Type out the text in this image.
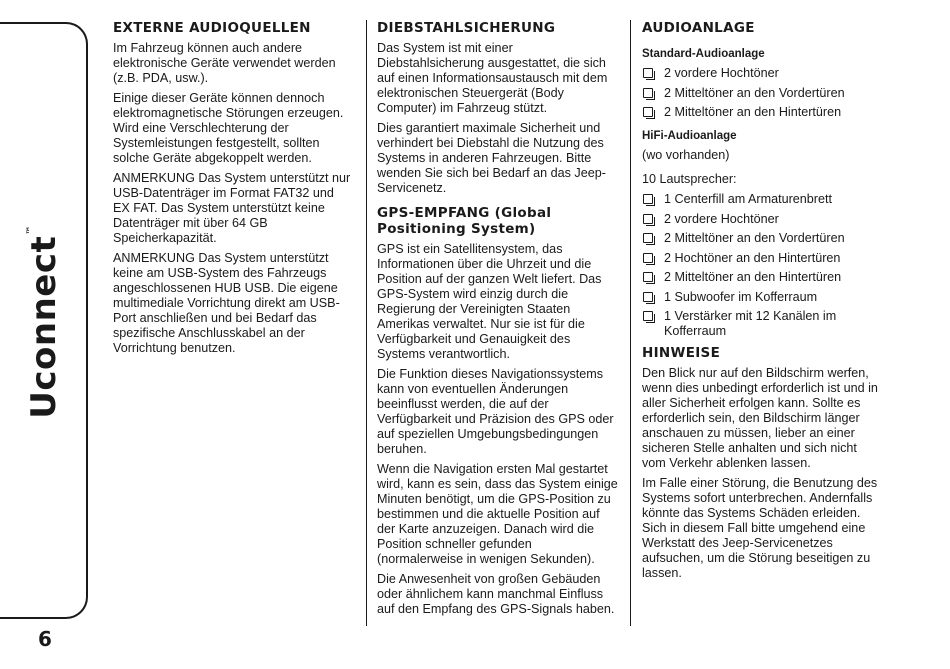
Uconnect™
6
EXTERNE AUDIOQUELLEN

Im Fahrzeug können auch andere elektronische Geräte verwendet werden (z.B. PDA, usw.).

Einige dieser Geräte können dennoch elektromagnetische Störungen erzeugen. Wird eine Verschlechterung der Systemleistungen festgestellt, sollten solche Geräte abgekoppelt werden.

ANMERKUNG Das System unterstützt nur USB-Datenträger im Format FAT32 und EX FAT. Das System unterstützt keine Datenträger mit über 64 GB Speicherkapazität.

ANMERKUNG Das System unterstützt keine am USB-System des Fahrzeugs angeschlossenen HUB USB. Die eigene multimediale Vorrichtung direkt am USB-Port anschließen und bei Bedarf das spezifische Anschlusskabel an der Vorrichtung benutzen.

DIEBSTAHLSICHERUNG

Das System ist mit einer Diebstahlsicherung ausgestattet, die sich auf einen Informationsaustausch mit dem elektronischen Steuergerät (Body Computer) im Fahrzeug stützt.

Dies garantiert maximale Sicherheit und verhindert bei Diebstahl die Nutzung des Systems in anderen Fahrzeugen. Bitte wenden Sie sich bei Bedarf an das Jeep-Servicenetz.

GPS-EMPFANG (Global Positioning System)

GPS ist ein Satellitensystem, das Informationen über die Uhrzeit und die Position auf der ganzen Welt liefert. Das GPS-System wird einzig durch die Regierung der Vereinigten Staaten Amerikas verwaltet. Nur sie ist für die Verfügbarkeit und Genauigkeit des Systems verantwortlich.

Die Funktion dieses Navigationssystems kann von eventuellen Änderungen beeinflusst werden, die auf der Verfügbarkeit und Präzision des GPS oder auf speziellen Umgebungsbedingungen beruhen.

Wenn die Navigation ersten Mal gestartet wird, kann es sein, dass das System einige Minuten benötigt, um die GPS-Position zu bestimmen und die aktuelle Position auf der Karte anzuzeigen. Danach wird die Position schneller gefunden (normalerweise in wenigen Sekunden).

Die Anwesenheit von großen Gebäuden oder ähnlichem kann manchmal Einfluss auf den Empfang des GPS-Signals haben.

AUDIOANLAGE
Standard-Audioanlage
2 vordere Hochtöner
2 Mitteltöner an den Vordertüren
2 Mitteltöner an den Hintertüren
HiFi-Audioanlage

(wo vorhanden)

10 Lautsprecher:

1 Centerfill am Armaturenbrett
2 vordere Hochtöner
2 Mitteltöner an den Vordertüren
2 Hochtöner an den Hintertüren
2 Mitteltöner an den Hintertüren
1 Subwoofer im Kofferraum
1 Verstärker mit 12 Kanälen im Kofferraum
HINWEISE

Den Blick nur auf den Bildschirm werfen, wenn dies unbedingt erforderlich ist und in aller Sicherheit erfolgen kann. Sollte es erforderlich sein, den Bildschirm länger anschauen zu müssen, lieber an einer sicheren Stelle anhalten und sich nicht vom Verkehr ablenken lassen.

Im Falle einer Störung, die Benutzung des Systems sofort unterbrechen. Andernfalls könnte das Systems Schäden erleiden.

Sich in diesem Fall bitte umgehend eine Werkstatt des Jeep-Servicenetzes aufsuchen, um die Störung beseitigen zu lassen.
